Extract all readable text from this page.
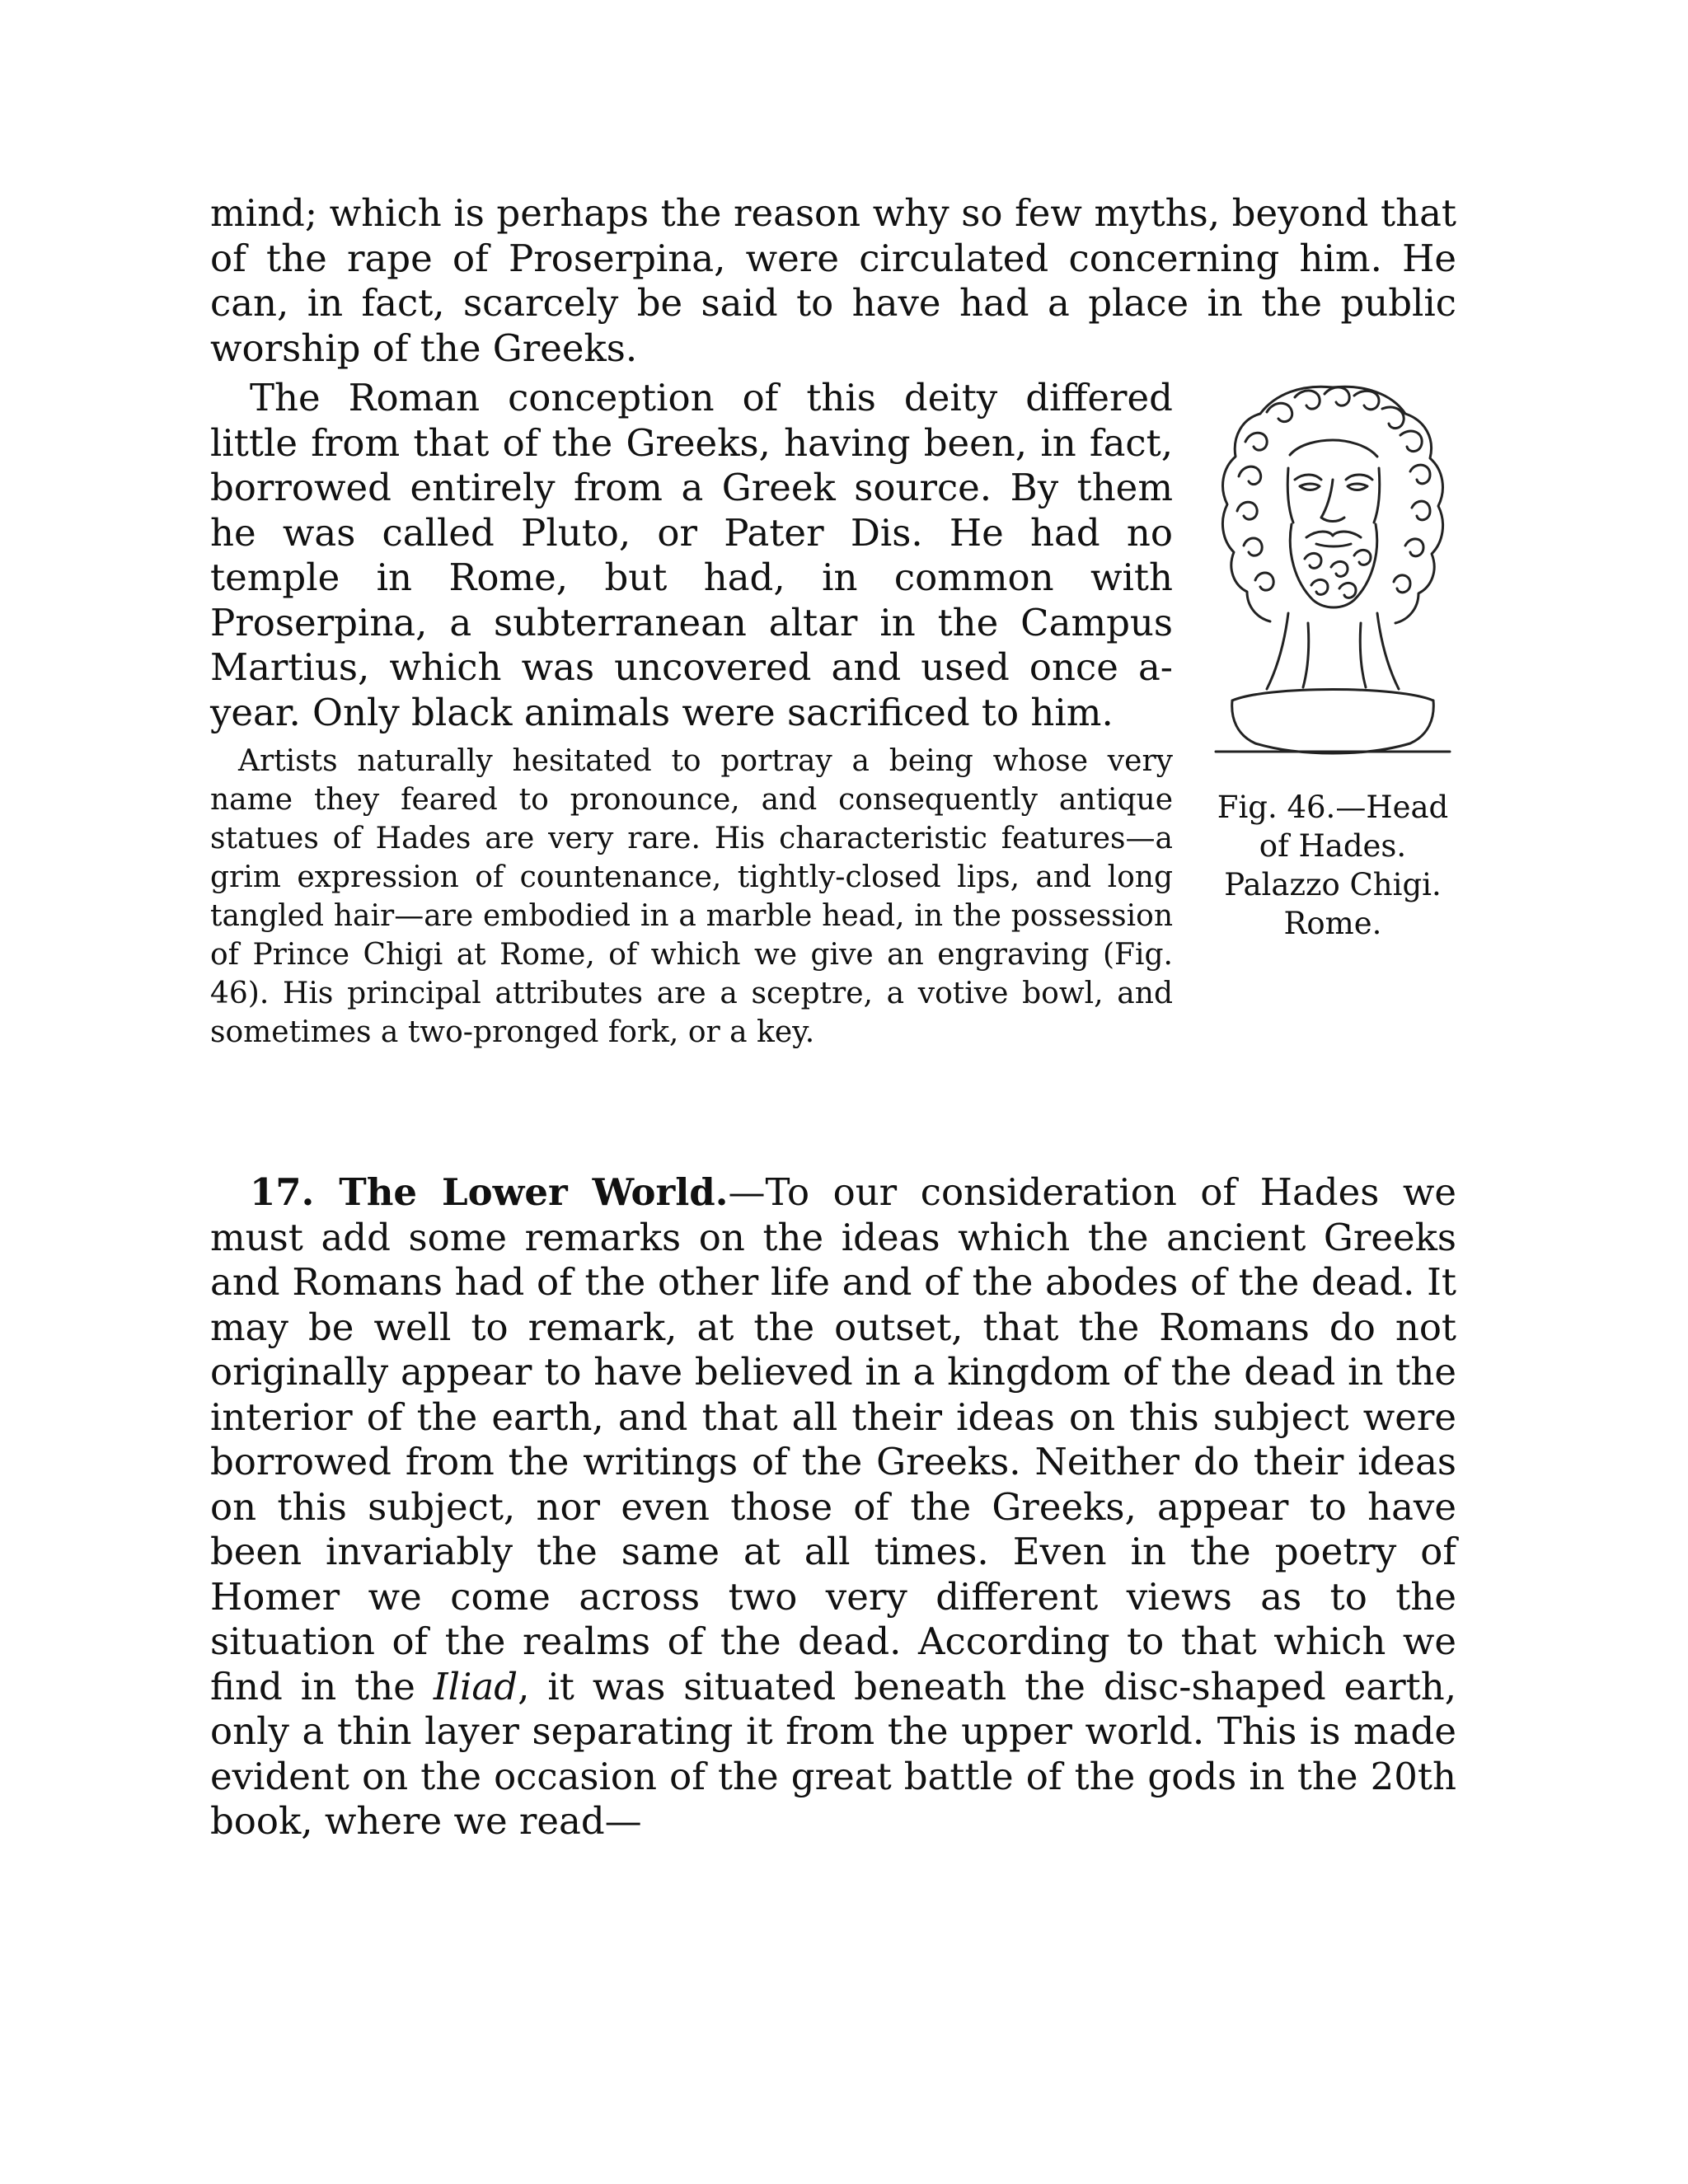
mind; which is perhaps the reason why so few myths, beyond that of the rape of Proserpina, were circulated concerning him. He can, in fact, scarcely be said to have had a place in the public worship of the Greeks.

The Roman conception of this deity differed little from that of the Greeks, having been, in fact, borrowed entirely from a Greek source. By them he was called Pluto, or Pater Dis. He had no temple in Rome, but had, in common with Proserpina, a subterranean altar in the Campus Martius, which was uncovered and used once a-year. Only black animals were sacrificed to him.

Artists naturally hesitated to portray a being whose very name they feared to pronounce, and consequently antique statues of Hades are very rare. His characteristic features—a grim expression of countenance, tightly-closed lips, and long tangled hair—are embodied in a marble head, in the possession of Prince Chigi at Rome, of which we give an engraving (Fig. 46). His principal attributes are a sceptre, a votive bowl, and sometimes a two-pronged fork, or a key.

Fig. 46.—Head
of Hades.
Palazzo Chigi.
Rome.

17. The Lower World.—To our consideration of Hades we must add some remarks on the ideas which the ancient Greeks and Romans had of the other life and of the abodes of the dead. It may be well to remark, at the outset, that the Romans do not originally appear to have believed in a kingdom of the dead in the interior of the earth, and that all their ideas on this subject were borrowed from the writings of the Greeks. Neither do their ideas on this subject, nor even those of the Greeks, appear to have been invariably the same at all times. Even in the poetry of Homer we come across two very different views as to the situation of the realms of the dead. According to that which we find in the Iliad, it was situated beneath the disc-shaped earth, only a thin layer separating it from the upper world. This is made evident on the occasion of the great battle of the gods in the 20th book, where we read—
